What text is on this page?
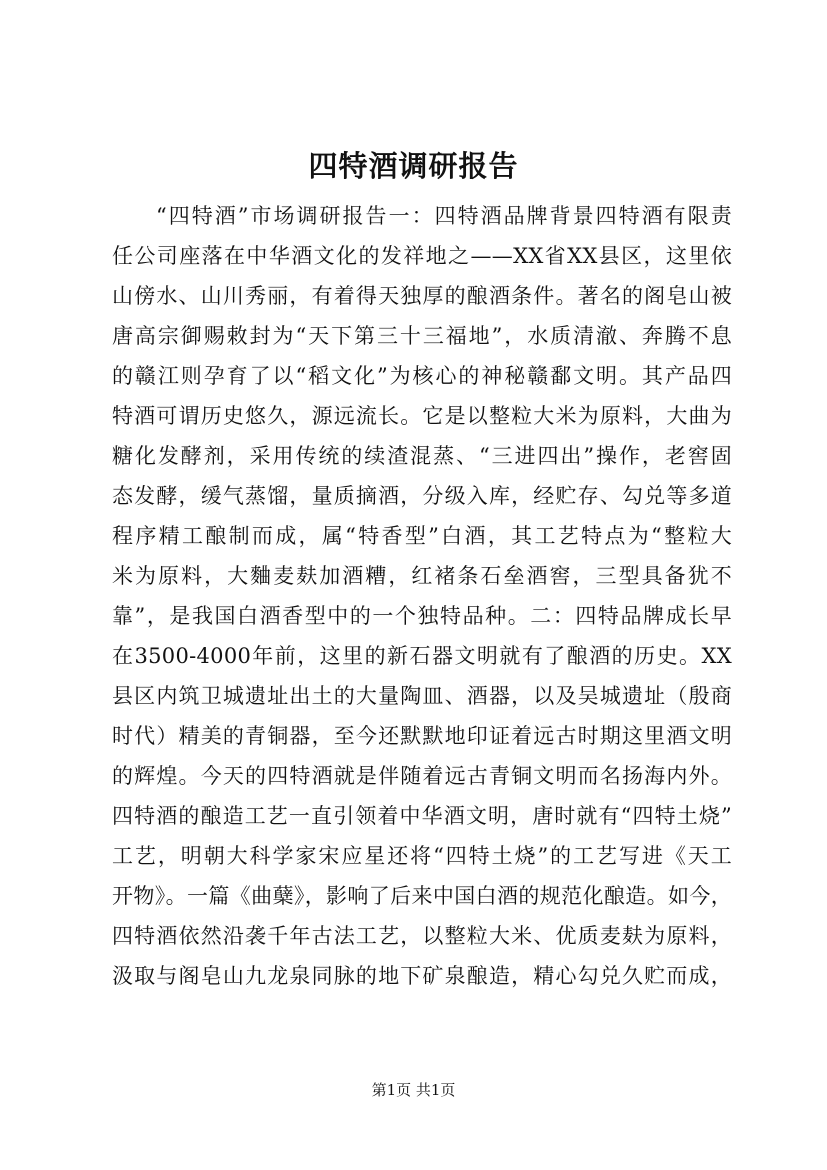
四特酒调研报告
“四特酒”市场调研报告一：四特酒品牌背景四特酒有限责
任公司座落在中华酒文化的发祥地之——XX省XX县区，这里依
山傍水、山川秀丽，有着得天独厚的酿酒条件。著名的阁皂山被
唐高宗御赐敕封为“天下第三十三福地”，水质清澈、奔腾不息
的赣江则孕育了以“稻文化”为核心的神秘赣鄱文明。其产品四
特酒可谓历史悠久，源远流长。它是以整粒大米为原料，大曲为
糖化发酵剂，采用传统的续渣混蒸、“三进四出”操作，老窖固
态发酵，缓气蒸馏，量质摘酒，分级入库，经贮存、勾兑等多道
程序精工酿制而成，属“特香型”白酒，其工艺特点为“整粒大
米为原料，大麯麦麸加酒糟，红褚条石垒酒窖，三型具备犹不
靠”，是我国白酒香型中的一个独特品种。二：四特品牌成长早
在3500-4000年前，这里的新石器文明就有了酿酒的历史。XX
县区内筑卫城遗址出土的大量陶皿、酒器，以及吴城遗址（殷商
时代）精美的青铜器，至今还默默地印证着远古时期这里酒文明
的辉煌。今天的四特酒就是伴随着远古青铜文明而名扬海内外。
四特酒的酿造工艺一直引领着中华酒文明，唐时就有“四特土烧”
工艺，明朝大科学家宋应星还将“四特土烧”的工艺写进《天工
开物》。一篇《曲蘖》，影响了后来中国白酒的规范化酿造。如今，
四特酒依然沿袭千年古法工艺，以整粒大米、优质麦麸为原料，
汲取与阁皂山九龙泉同脉的地下矿泉酿造，精心勾兑久贮而成，
第1页 共1页
